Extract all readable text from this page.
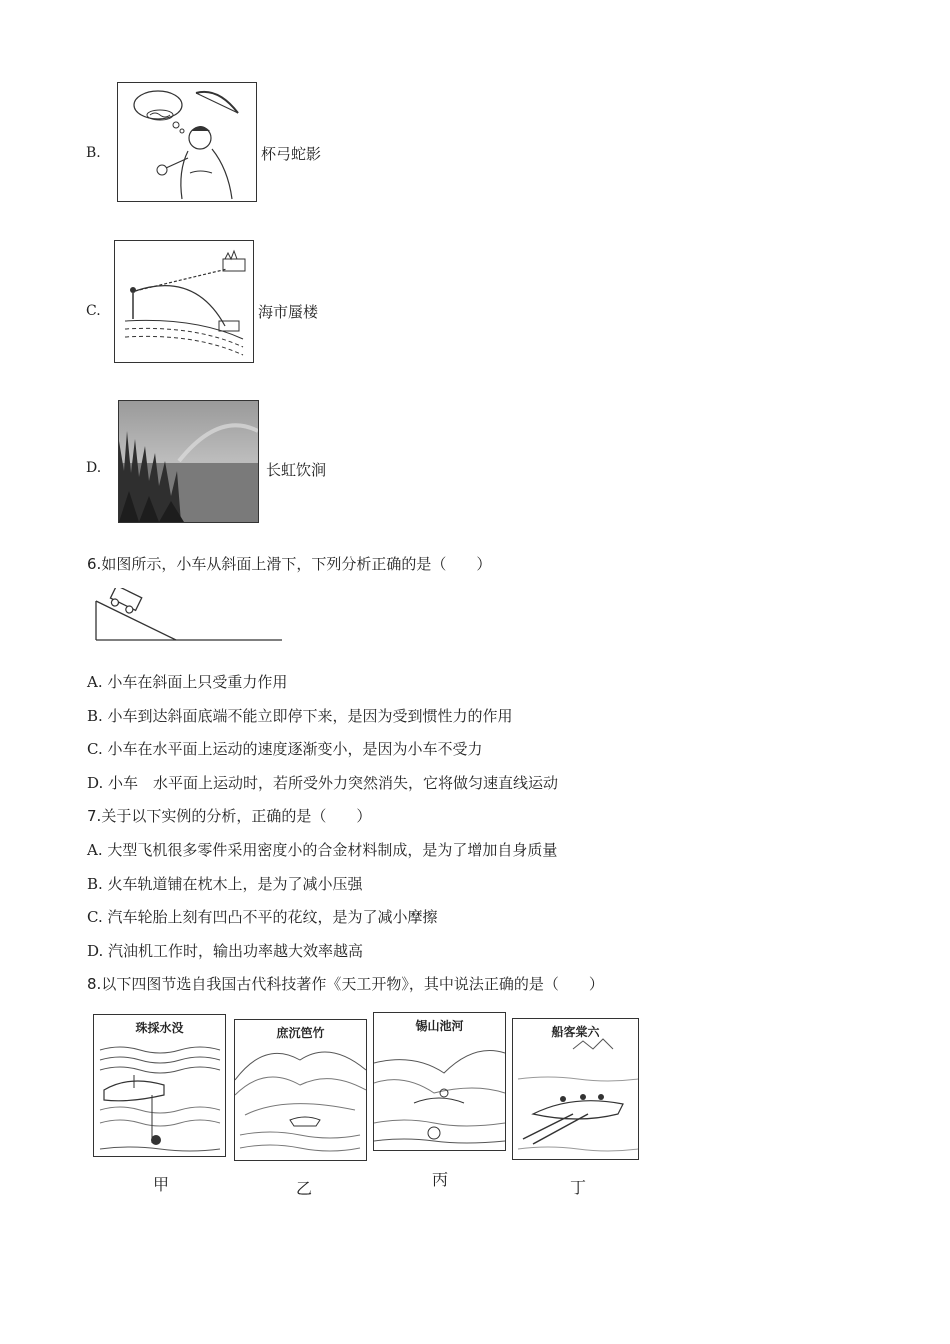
B.	杯弓蛇影
C.	海市蜃楼
D.	长虹饮涧
6.如图所示，小车从斜面上滑下，下列分析正确的是（　　）
A. 小车在斜面上只受重力作用
B. 小车到达斜面底端不能立即停下来，是因为受到惯性力的作用
C. 小车在水平面上运动的速度逐渐变小，是因为小车不受力
D. 小车　水平面上运动时，若所受外力突然消失，它将做匀速直线运动
7.关于以下实例的分析，正确的是（　　）
A. 大型飞机很多零件采用密度小的合金材料制成，是为了增加自身质量
B. 火车轨道铺在枕木上，是为了减小压强
C. 汽车轮胎上刻有凹凸不平的花纹，是为了减小摩擦
D. 汽油机工作时，输出功率越大效率越高
8.以下四图节选自我国古代科技著作《天工开物》，其中说法正确的是（　　）
珠採水没	庶沉笆竹	锡山池河	船客棠六
甲	乙	丙	丁
